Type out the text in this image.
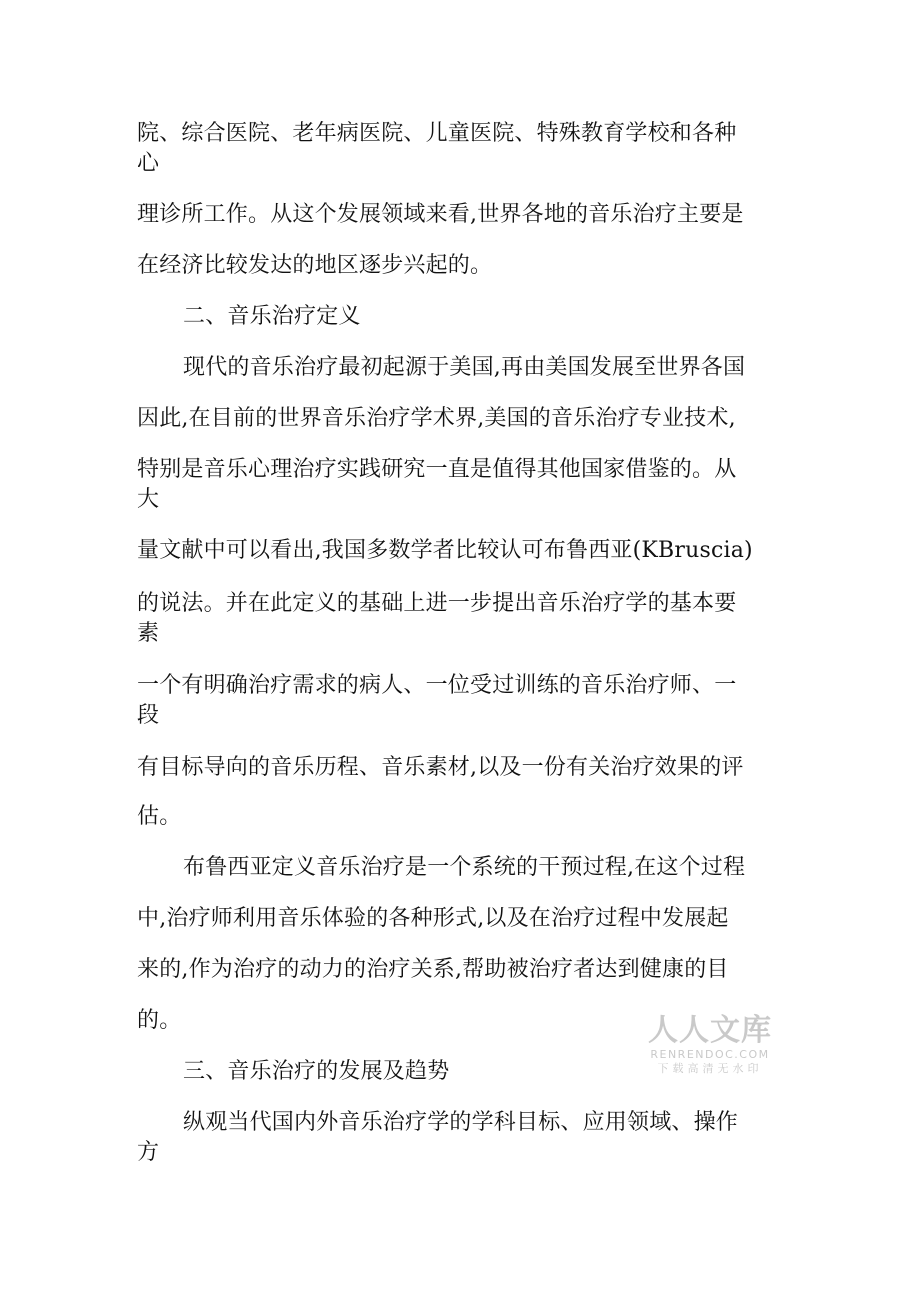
院、综合医院、老年病医院、儿童医院、特殊教育学校和各种
心
理诊所工作。从这个发展领域来看,世界各地的音乐治疗主要是
在经济比较发达的地区逐步兴起的。
二、音乐治疗定义
现代的音乐治疗最初起源于美国,再由美国发展至世界各国
因此,在目前的世界音乐治疗学术界,美国的音乐治疗专业技术,
特别是音乐心理治疗实践研究一直是值得其他国家借鉴的。从
大
量文献中可以看出,我国多数学者比较认可布鲁西亚(KBruscia)
的说法。并在此定义的基础上进一步提出音乐治疗学的基本要
素
一个有明确治疗需求的病人、一位受过训练的音乐治疗师、一
段
有目标导向的音乐历程、音乐素材,以及一份有关治疗效果的评
估。
布鲁西亚定义音乐治疗是一个系统的干预过程,在这个过程
中,治疗师利用音乐体验的各种形式,以及在治疗过程中发展起
来的,作为治疗的动力的治疗关系,帮助被治疗者达到健康的目
的。
三、音乐治疗的发展及趋势
纵观当代国内外音乐治疗学的学科目标、应用领域、操作
方
人人文库
RENRENDOC.COM
下载高清无水印
